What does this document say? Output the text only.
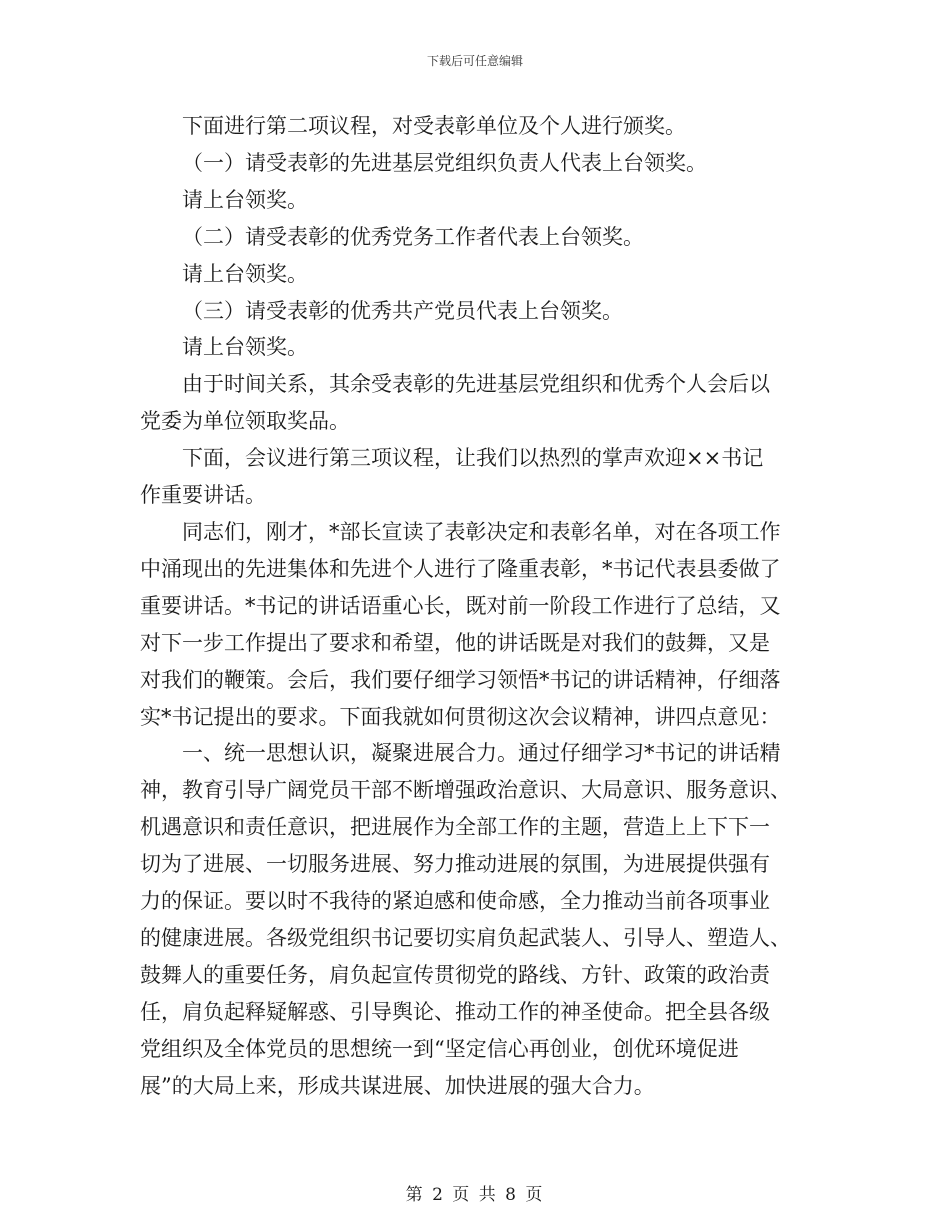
下载后可任意编辑

下面进行第二项议程，对受表彰单位及个人进行颁奖。

（一）请受表彰的先进基层党组织负责人代表上台领奖。

请上台领奖。

（二）请受表彰的优秀党务工作者代表上台领奖。

请上台领奖。

（三）请受表彰的优秀共产党员代表上台领奖。

请上台领奖。

由于时间关系，其余受表彰的先进基层党组织和优秀个人会后以

党委为单位领取奖品。

下面，会议进行第三项议程，让我们以热烈的掌声欢迎××书记

作重要讲话。

同志们，刚才，*部长宣读了表彰决定和表彰名单，对在各项工作

中涌现出的先进集体和先进个人进行了隆重表彰，*书记代表县委做了

重要讲话。*书记的讲话语重心长，既对前一阶段工作进行了总结，又

对下一步工作提出了要求和希望，他的讲话既是对我们的鼓舞，又是

对我们的鞭策。会后，我们要仔细学习领悟*书记的讲话精神，仔细落

实*书记提出的要求。下面我就如何贯彻这次会议精神，讲四点意见：

一、统一思想认识，凝聚进展合力。通过仔细学习*书记的讲话精

神，教育引导广阔党员干部不断增强政治意识、大局意识、服务意识、

机遇意识和责任意识，把进展作为全部工作的主题，营造上上下下一

切为了进展、一切服务进展、努力推动进展的氛围，为进展提供强有

力的保证。要以时不我待的紧迫感和使命感，全力推动当前各项事业

的健康进展。各级党组织书记要切实肩负起武装人、引导人、塑造人、

鼓舞人的重要任务，肩负起宣传贯彻党的路线、方针、政策的政治责

任，肩负起释疑解惑、引导舆论、推动工作的神圣使命。把全县各级

党组织及全体党员的思想统一到“坚定信心再创业，创优环境促进

展”的大局上来，形成共谋进展、加快进展的强大合力。

第 2 页 共 8 页
